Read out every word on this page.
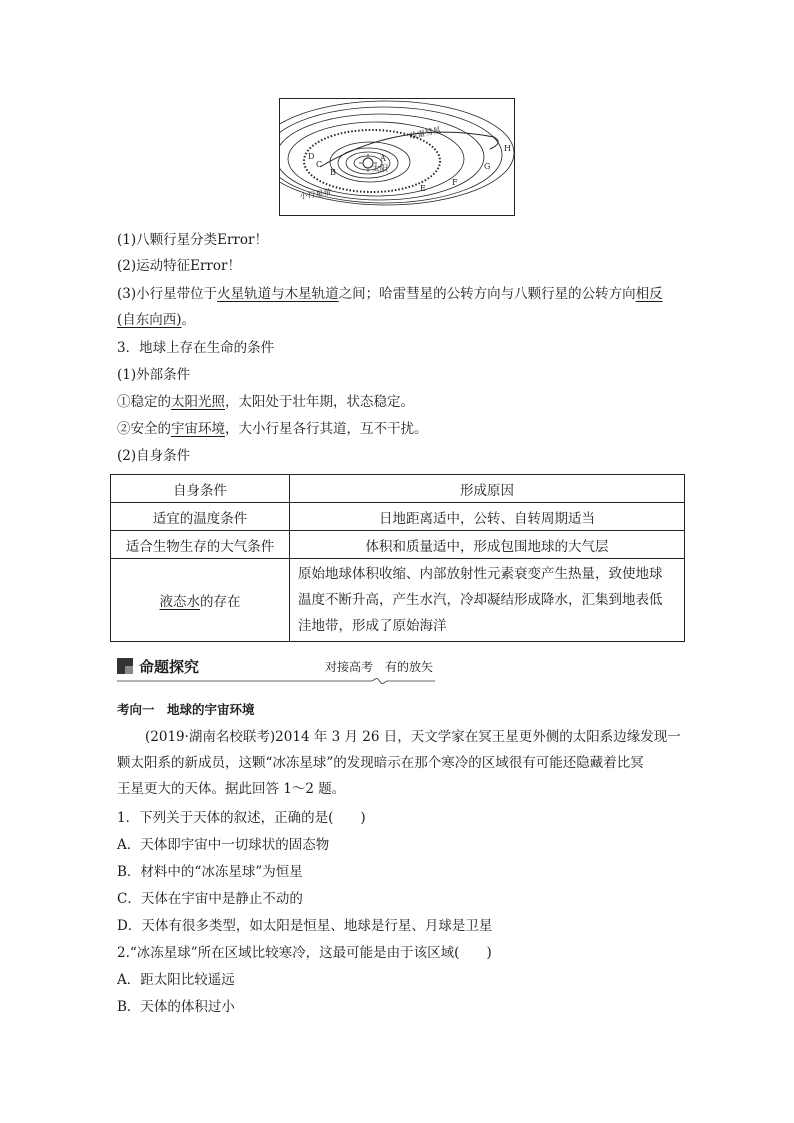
太阳
哈雷彗星
小行星带
A
B
C
D
E
F
G
H
(1)八颗行星分类Error！
(2)运动特征Error！
(3)小行星带位于火星轨道与木星轨道之间；哈雷彗星的公转方向与八颗行星的公转方向相反
(自东向西)。
3．地球上存在生命的条件
(1)外部条件
①稳定的太阳光照，太阳处于壮年期，状态稳定。
②安全的宇宙环境，大小行星各行其道，互不干扰。
(2)自身条件
自身条件	形成原因
适宜的温度条件	日地距离适中，公转、自转周期适当
适合生物生存的大气条件	体积和质量适中，形成包围地球的大气层
液态水的存在	原始地球体积收缩、内部放射性元素衰变产生热量，致使地球
温度不断升高，产生水汽，冷却凝结形成降水，汇集到地表低
洼地带，形成了原始海洋
命题探究	对接高考　有的放矢
考向一　地球的宇宙环境
(2019·湖南名校联考)2014 年 3 月 26 日，天文学家在冥王星更外侧的太阳系边缘发现一
颗太阳系的新成员，这颗“冰冻星球”的发现暗示在那个寒冷的区域很有可能还隐藏着比冥
王星更大的天体。据此回答 1～2 题。
1．下列关于天体的叙述，正确的是(　　)
A．天体即宇宙中一切球状的固态物
B．材料中的“冰冻星球”为恒星
C．天体在宇宙中是静止不动的
D．天体有很多类型，如太阳是恒星、地球是行星、月球是卫星
2.“冰冻星球”所在区域比较寒冷，这最可能是由于该区域(　　)
A．距太阳比较遥远
B．天体的体积过小
